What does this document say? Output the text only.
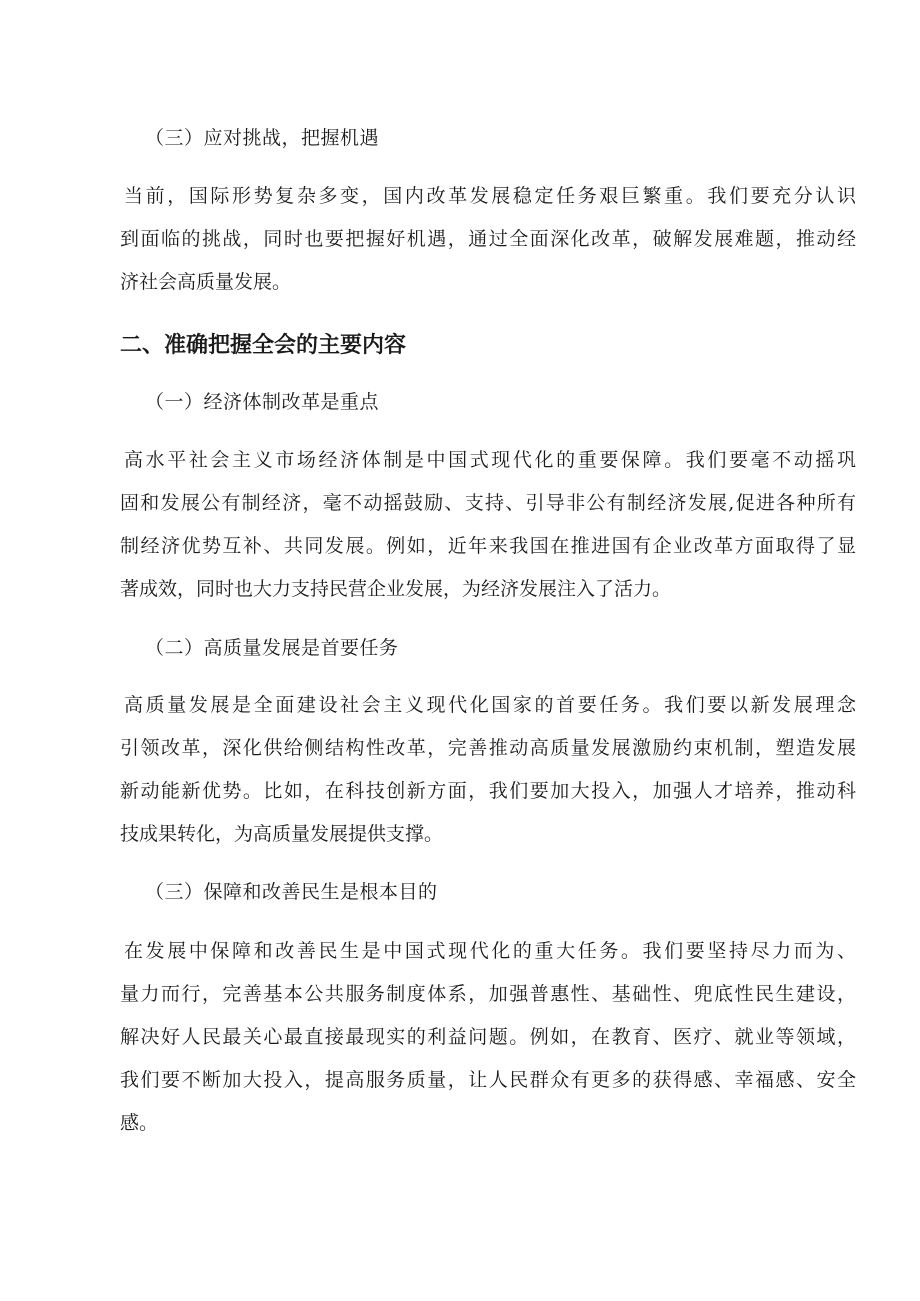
（三）应对挑战，把握机遇
当前，国际形势复杂多变，国内改革发展稳定任务艰巨繁重。我们要充分认识
到面临的挑战，同时也要把握好机遇，通过全面深化改革，破解发展难题，推动经
济社会高质量发展。
二、准确把握全会的主要内容
（一）经济体制改革是重点
高水平社会主义市场经济体制是中国式现代化的重要保障。我们要毫不动摇巩
固和发展公有制经济，毫不动摇鼓励、支持、引导非公有制经济发展,促进各种所有
制经济优势互补、共同发展。例如，近年来我国在推进国有企业改革方面取得了显
著成效，同时也大力支持民营企业发展，为经济发展注入了活力。
（二）高质量发展是首要任务
高质量发展是全面建设社会主义现代化国家的首要任务。我们要以新发展理念
引领改革，深化供给侧结构性改革，完善推动高质量发展激励约束机制，塑造发展
新动能新优势。比如，在科技创新方面，我们要加大投入，加强人才培养，推动科
技成果转化，为高质量发展提供支撑。
（三）保障和改善民生是根本目的
在发展中保障和改善民生是中国式现代化的重大任务。我们要坚持尽力而为、
量力而行，完善基本公共服务制度体系，加强普惠性、基础性、兜底性民生建设，
解决好人民最关心最直接最现实的利益问题。例如，在教育、医疗、就业等领域，
我们要不断加大投入，提高服务质量，让人民群众有更多的获得感、幸福感、安全
感。
